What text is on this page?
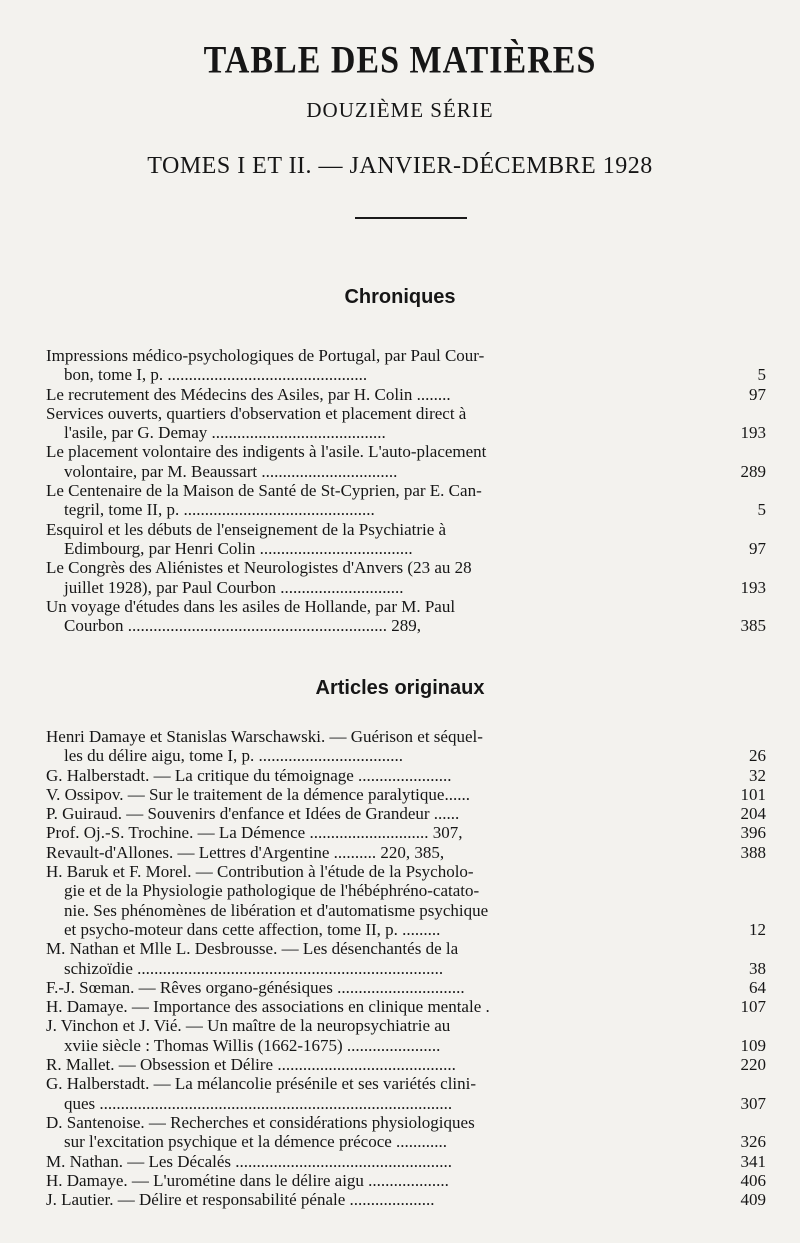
TABLE DES MATIÈRES
DOUZIÈME SÉRIE
TOMES I ET II. — JANVIER-DÉCEMBRE 1928
Chroniques
Impressions médico-psychologiques de Portugal, par Paul Cour-
bon, tome I, p. ...............................................	5
Le recrutement des Médecins des Asiles, par H. Colin ........	97
Services ouverts, quartiers d'observation et placement direct à
l'asile, par G. Demay .........................................	193
Le placement volontaire des indigents à l'asile. L'auto-placement
volontaire, par M. Beaussart ................................	289
Le Centenaire de la Maison de Santé de St-Cyprien, par E. Can-
tegril, tome II, p. .............................................	5
Esquirol et les débuts de l'enseignement de la Psychiatrie à
Edimbourg, par Henri Colin ....................................	97
Le Congrès des Aliénistes et Neurologistes d'Anvers (23 au 28
juillet 1928), par Paul Courbon .............................	193
Un voyage d'études dans les asiles de Hollande, par M. Paul
Courbon ............................................................. 289,	385
Articles originaux
Henri Damaye et Stanislas Warschawski. — Guérison et séquel-
les du délire aigu, tome I, p. ..................................	26
G. Halberstadt. — La critique du témoignage ......................	32
V. Ossipov. — Sur le traitement de la démence paralytique......	101
P. Guiraud. — Souvenirs d'enfance et Idées de Grandeur ......	204
Prof. Oj.-S. Trochine. — La Démence ............................ 307,	396
Revault-d'Allones. — Lettres d'Argentine .......... 220, 385,	388
H. Baruk et F. Morel. — Contribution à l'étude de la Psycholo-
gie et de la Physiologie pathologique de l'hébéphréno-catato-
nie. Ses phénomènes de libération et d'automatisme psychique
et psycho-moteur dans cette affection, tome II, p. .........	12
M. Nathan et Mlle L. Desbrousse. — Les désenchantés de la
schizoïdie ........................................................................	38
F.-J. Sœman. — Rêves organo-génésiques ..............................	64
H. Damaye. — Importance des associations en clinique mentale .	107
J. Vinchon et J. Vié. — Un maître de la neuropsychiatrie au
xviie siècle : Thomas Willis (1662-1675) ......................	109
R. Mallet. — Obsession et Délire ..........................................	220
G. Halberstadt. — La mélancolie présénile et ses variétés clini-
ques ...................................................................................	307
D. Santenoise. — Recherches et considérations physiologiques
sur l'excitation psychique et la démence précoce ............	326
M. Nathan. — Les Décalés ...................................................	341
H. Damaye. — L'urométine dans le délire aigu ...................	406
J. Lautier. — Délire et responsabilité pénale ....................	409
